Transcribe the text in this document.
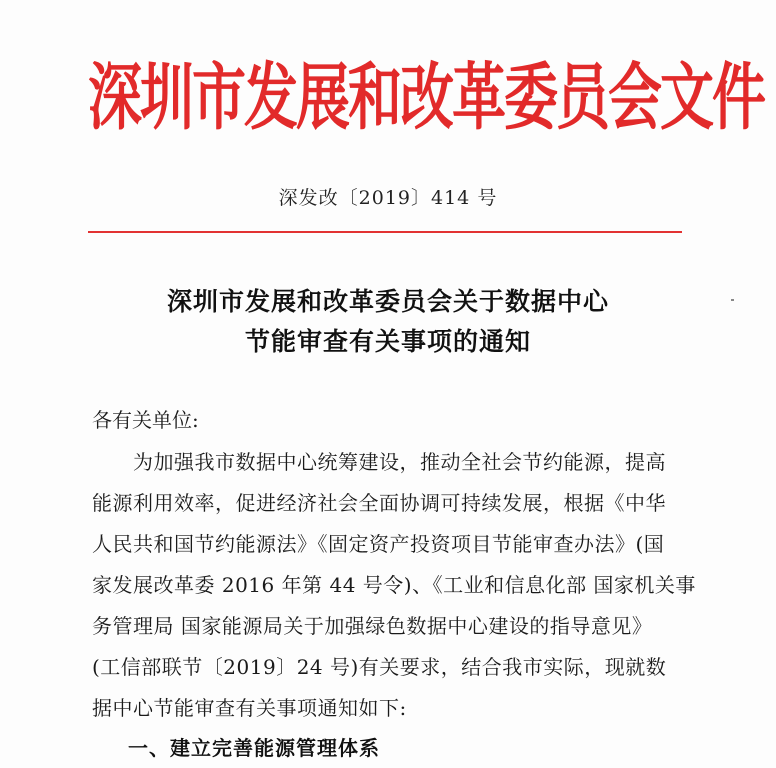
深圳市发展和改革委员会文件
深发改〔2019〕414 号
深圳市发展和改革委员会关于数据中心
节能审查有关事项的通知
各有关单位:
　　为加强我市数据中心统筹建设，推动全社会节约能源，提高
能源利用效率，促进经济社会全面协调可持续发展，根据《中华
人民共和国节约能源法》《固定资产投资项目节能审查办法》(国
家发展改革委 2016 年第 44 号令)、《工业和信息化部 国家机关事
务管理局 国家能源局关于加强绿色数据中心建设的指导意见》
(工信部联节〔2019〕24 号)有关要求，结合我市实际，现就数
据中心节能审查有关事项通知如下:
一、建立完善能源管理体系
